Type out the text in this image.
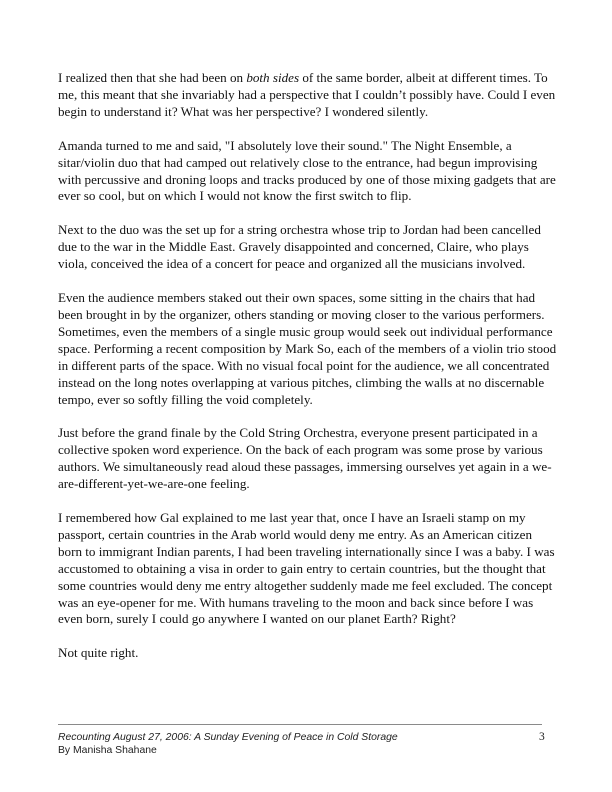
I realized then that she had been on both sides of the same border, albeit at different times. To me, this meant that she invariably had a perspective that I couldn’t possibly have. Could I even begin to understand it? What was her perspective? I wondered silently.

Amanda turned to me and said, "I absolutely love their sound." The Night Ensemble, a sitar/violin duo that had camped out relatively close to the entrance, had begun improvising with percussive and droning loops and tracks produced by one of those mixing gadgets that are ever so cool, but on which I would not know the first switch to flip.

Next to the duo was the set up for a string orchestra whose trip to Jordan had been cancelled due to the war in the Middle East. Gravely disappointed and concerned, Claire, who plays viola, conceived the idea of a concert for peace and organized all the musicians involved.

Even the audience members staked out their own spaces, some sitting in the chairs that had been brought in by the organizer, others standing or moving closer to the various performers. Sometimes, even the members of a single music group would seek out individual performance space. Performing a recent composition by Mark So, each of the members of a violin trio stood in different parts of the space. With no visual focal point for the audience, we all concentrated instead on the long notes overlapping at various pitches, climbing the walls at no discernable tempo, ever so softly filling the void completely.

Just before the grand finale by the Cold String Orchestra, everyone present participated in a collective spoken word experience. On the back of each program was some prose by various authors. We simultaneously read aloud these passages, immersing ourselves yet again in a we-are-different-yet-we-are-one feeling.

I remembered how Gal explained to me last year that, once I have an Israeli stamp on my passport, certain countries in the Arab world would deny me entry. As an American citizen born to immigrant Indian parents, I had been traveling internationally since I was a baby. I was accustomed to obtaining a visa in order to gain entry to certain countries, but the thought that some countries would deny me entry altogether suddenly made me feel excluded. The concept was an eye-opener for me. With humans traveling to the moon and back since before I was even born, surely I could go anywhere I wanted on our planet Earth? Right?

Not quite right.

Recounting August 27, 2006: A Sunday Evening of Peace in Cold Storage
By Manisha Shahane
3
